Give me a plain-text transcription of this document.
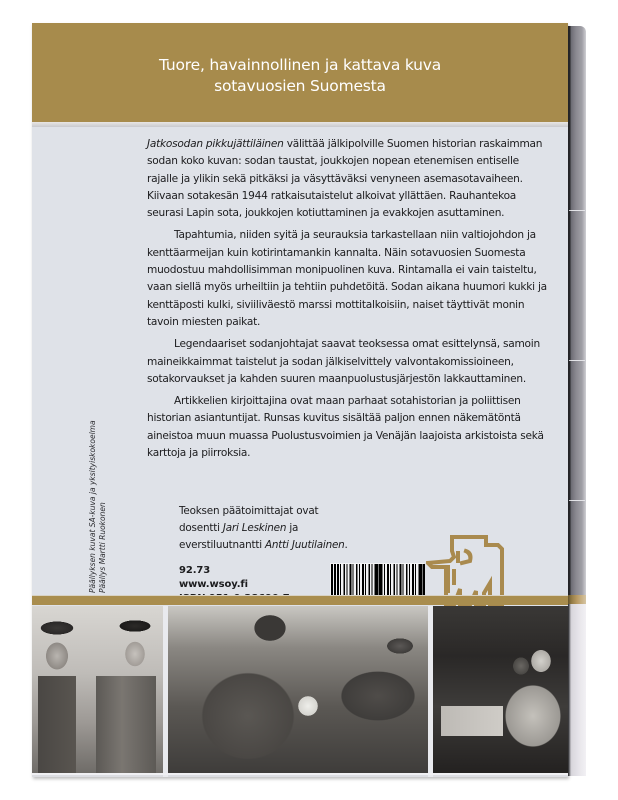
Tuore, havainnollinen ja kattava kuva
sotavuosien Suomesta

Jatkosodan pikkujättiläinen välittää jälkipolville Suomen historian raskaimman sodan koko kuvan: sodan taustat, joukkojen nopean etenemisen entiselle rajalle ja ylikin sekä pitkäksi ja väsyttäväksi venyneen asemasotavaiheen. Kiivaan sotakesän 1944 ratkaisutaistelut alkoivat yllättäen. Rauhantekoa seurasi Lapin sota, joukkojen kotiuttaminen ja evakkojen asuttaminen.

Tapahtumia, niiden syitä ja seurauksia tarkastellaan niin valtiojohdon ja kenttäarmeijan kuin kotirintamankin kannalta. Näin sotavuosien Suomesta muodostuu mahdollisimman monipuolinen kuva. Rintamalla ei vain taisteltu, vaan siellä myös urheiltiin ja tehtiin puhdetöitä. Sodan aikana huumori kukki ja kenttäposti kulki, siviiliväestö marssi mottitalkoisiin, naiset täyttivät monin tavoin miesten paikat.

Legendaariset sodanjohtajat saavat teoksessa omat esittelynsä, samoin maineikkaimmat taistelut ja sodan jälkiselvittely valvontakomissioineen, sotakorvaukset ja kahden suuren maanpuolustusjärjestön lakkauttaminen.

Artikkelien kirjoittajina ovat maan parhaat sotahistorian ja poliittisen historian asiantuntijat. Runsas kuvitus sisältää paljon ennen näkemätöntä aineistoa muun muassa Puolustusvoimien ja Venäjän laajoista arkistoista sekä karttoja ja piirroksia.

Teoksen päätoimittajat ovat
dosentti Jari Leskinen ja
everstiluutnantti Antti Juutilainen.
92.73
www.wsoy.fi
Päällyksen kuvat SA-kuva ja yksityiskokoelma Päällys Martti Ruokonen
